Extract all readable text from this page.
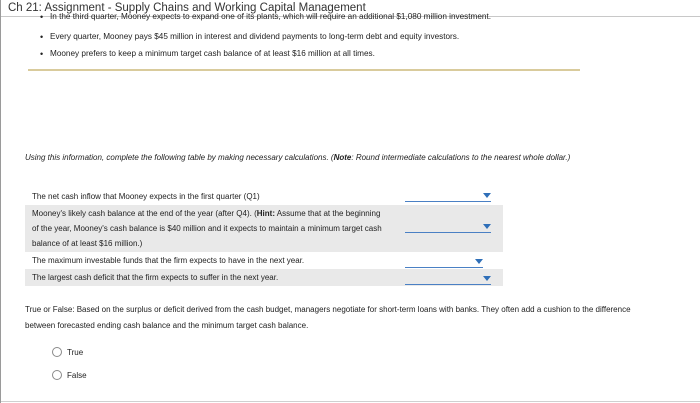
Ch 21: Assignment - Supply Chains and Working Capital Management
• In the third quarter, Mooney expects to expand one of its plants, which will require an additional $1,080 million investment.
• Every quarter, Mooney pays $45 million in interest and dividend payments to long-term debt and equity investors.
• Mooney prefers to keep a minimum target cash balance of at least $16 million at all times.
Using this information, complete the following table by making necessary calculations. (Note: Round intermediate calculations to the nearest whole dollar.)
The net cash inflow that Mooney expects in the first quarter (Q1)
Mooney's likely cash balance at the end of the year (after Q4). (Hint: Assume that at the beginning of the year, Mooney's cash balance is $40 million and it expects to maintain a minimum target cash balance of at least $16 million.)
The maximum investable funds that the firm expects to have in the next year.
The largest cash deficit that the firm expects to suffer in the next year.
True or False: Based on the surplus or deficit derived from the cash budget, managers negotiate for short-term loans with banks. They often add a cushion to the difference between forecasted ending cash balance and the minimum target cash balance.
True
False
